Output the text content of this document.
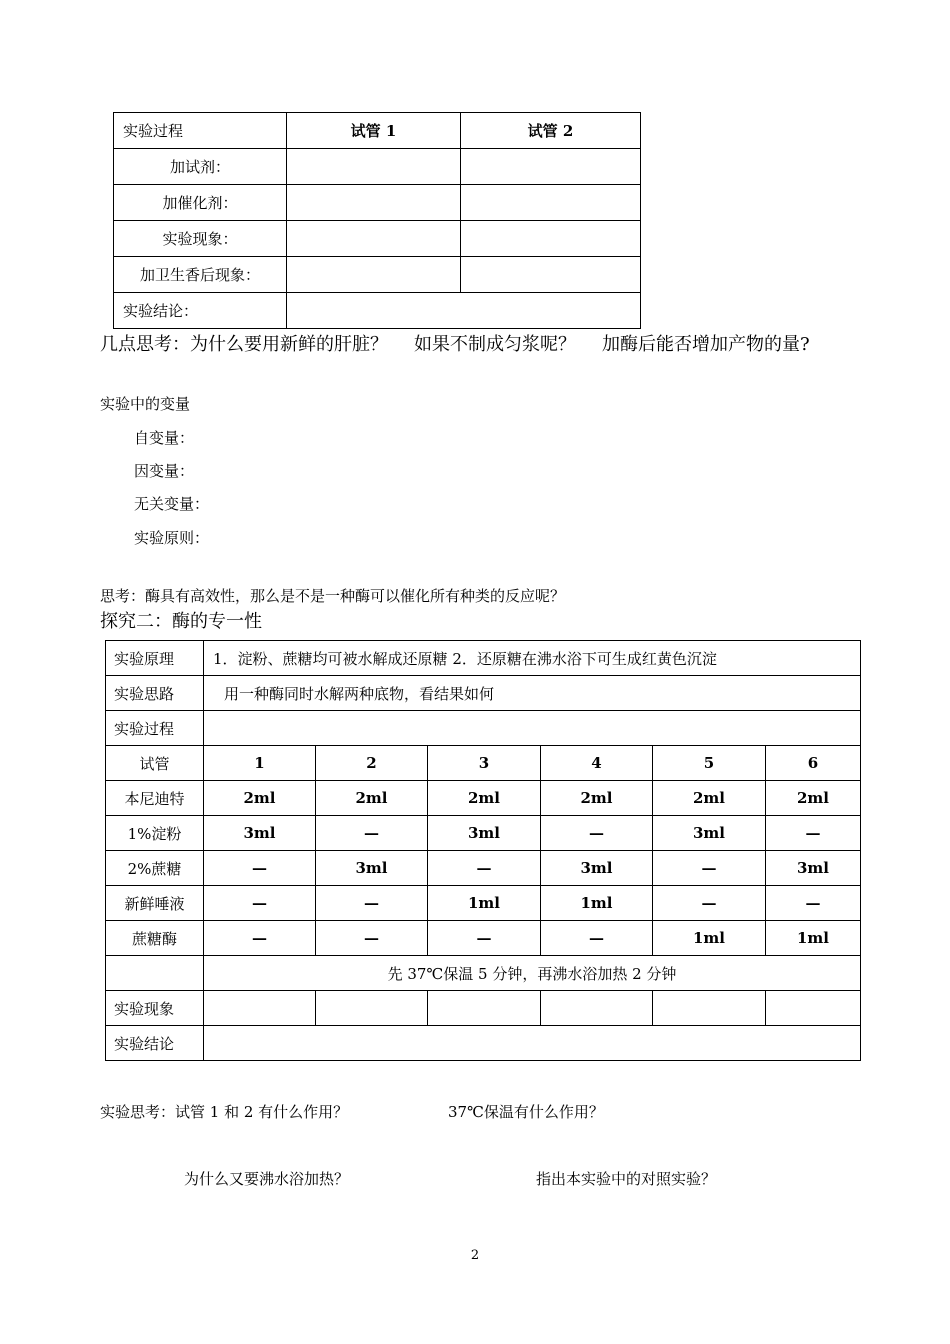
实验过程	试管 1	试管 2
加试剂：		
加催化剂：		
实验现象：		
加卫生香后现象：		
实验结论：		
几点思考：为什么要用新鲜的肝脏？ 如果不制成匀浆呢？ 加酶后能否增加产物的量?
实验中的变量
自变量：
因变量：
无关变量：
实验原则：
思考：酶具有高效性，那么是不是一种酶可以催化所有种类的反应呢？
探究二：酶的专一性
实验原理	1．淀粉、蔗糖均可被水解成还原糖 2．还原糖在沸水浴下可生成红黄色沉淀					
实验思路	用一种酶同时水解两种底物，看结果如何					
实验过程						
试管	1	2	3	4	5	6
本尼迪特	2ml	2ml	2ml	2ml	2ml	2ml
1%淀粉	3ml	—	3ml	—	3ml	—
2%蔗糖	—	3ml	—	3ml	—	3ml
新鲜唾液	—	—	1ml	1ml	—	—
蔗糖酶	—	—	—	—	1ml	1ml
	先 37℃保温 5 分钟，再沸水浴加热 2 分钟					
实验现象						
实验结论						
实验思考：试管 1 和 2 有什么作用？	37℃保温有什么作用？
为什么又要沸水浴加热？	指出本实验中的对照实验？
2
